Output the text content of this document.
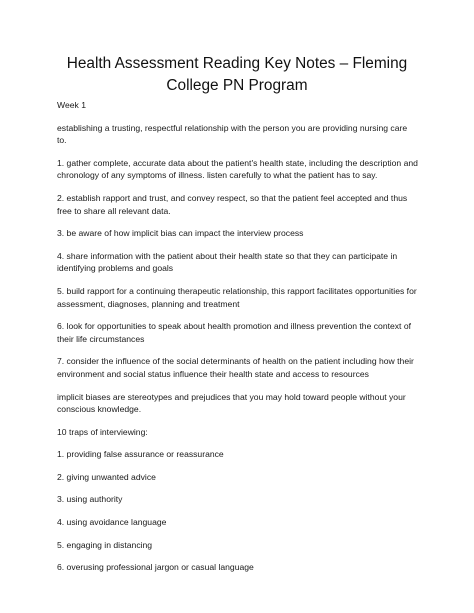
Health Assessment Reading Key Notes – Fleming College PN Program

Week 1

establishing a trusting, respectful relationship with the person you are providing nursing care to.

1. gather complete, accurate data about the patient's health state, including the description and chronology of any symptoms of illness. listen carefully to what the patient has to say.

2. establish rapport and trust, and convey respect, so that the patient feel accepted and thus free to share all relevant data.

3. be aware of how implicit bias can impact the interview process

4. share information with the patient about their health state so that they can participate in identifying problems and goals

5. build rapport for a continuing therapeutic relationship, this rapport facilitates opportunities for assessment, diagnoses, planning and treatment

6. look for opportunities to speak about health promotion and illness prevention the context of their life circumstances

7. consider the influence of the social determinants of health on the patient including how their environment and social status influence their health state and access to resources

implicit biases are stereotypes and prejudices that you may hold toward people without your conscious knowledge.

10 traps of interviewing:

1. providing false assurance or reassurance

2. giving unwanted advice

3. using authority

4. using avoidance language

5. engaging in distancing

6. overusing professional jargon or casual language
